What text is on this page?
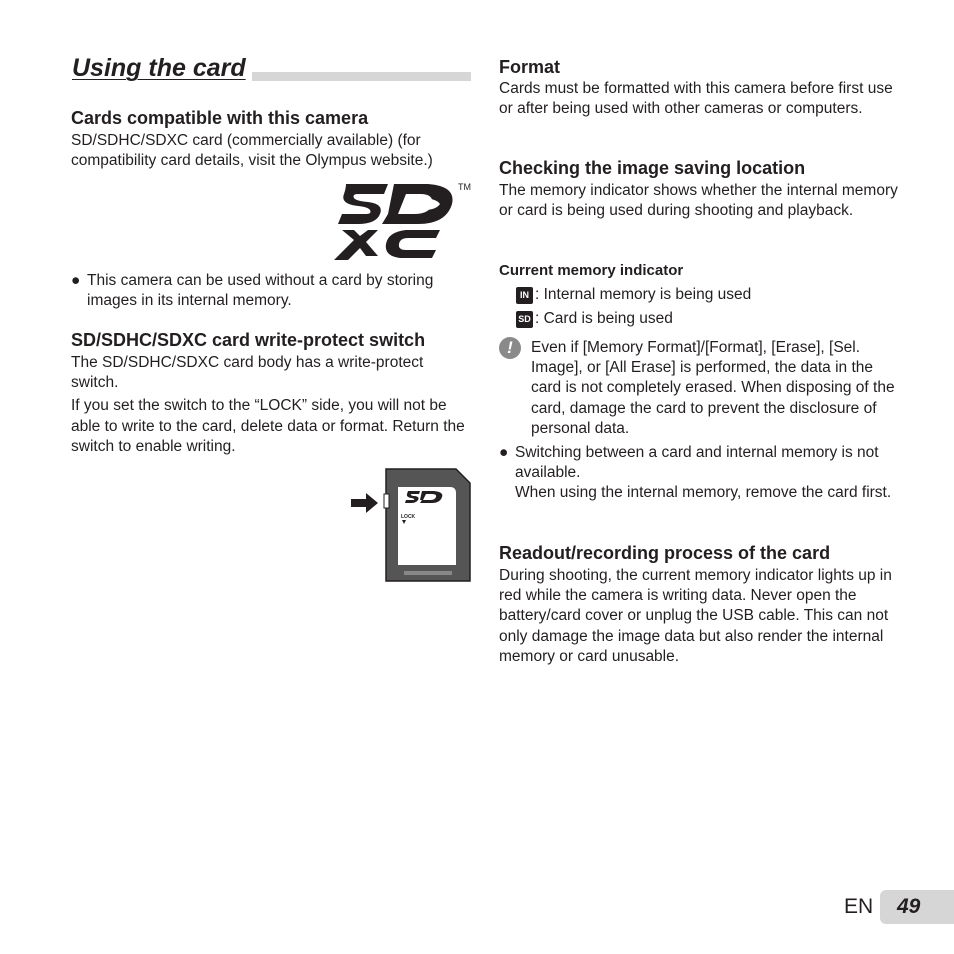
Using the card
Cards compatible with this camera

SD/SDHC/SDXC card (commercially available) (for compatibility card details, visit the Olympus website.)

TM
● This camera can be used without a card by storing images in its internal memory.
SD/SDHC/SDXC card write-protect switch

The SD/SDHC/SDXC card body has a write-protect switch.

If you set the switch to the “LOCK” side, you will not be able to write to the card, delete data or format. Return the switch to enable writing.

LOCK
Format

Cards must be formatted with this camera before first use or after being used with other cameras or computers.

Checking the image saving location

The memory indicator shows whether the internal memory or card is being used during shooting and playback.

Current memory indicator
IN : Internal memory is being used
SD : Card is being used
!	Even if [Memory Format]/[Format], [Erase], [Sel. Image], or [All Erase] is performed, the data in the card is not completely erased. When disposing of the card, damage the card to prevent the disclosure of personal data.

● Switching between a card and internal memory is not available.

When using the internal memory, remove the card first.

Readout/recording process of the card

During shooting, the current memory indicator lights up in red while the camera is writing data. Never open the battery/card cover or unplug the USB cable. This can not only damage the image data but also render the internal memory or card unusable.

EN 49
